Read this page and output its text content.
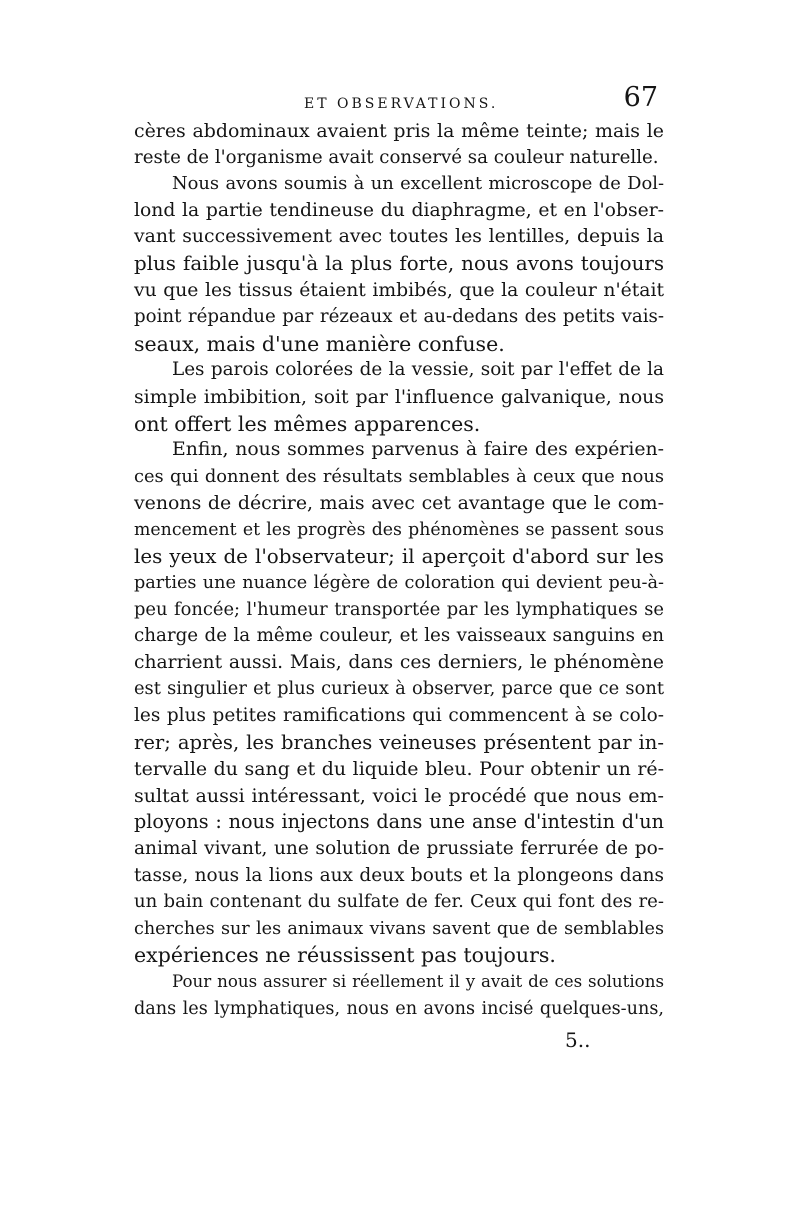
ET OBSERVATIONS.	67
cères abdominaux avaient pris la même teinte; mais le
reste de l'organisme avait conservé sa couleur naturelle.
Nous avons soumis à un excellent microscope de Dol-
lond la partie tendineuse du diaphragme, et en l'obser-
vant successivement avec toutes les lentilles, depuis la
plus faible jusqu'à la plus forte, nous avons toujours
vu que les tissus étaient imbibés, que la couleur n'était
point répandue par rézeaux et au-dedans des petits vais-
seaux, mais d'une manière confuse.
Les parois colorées de la vessie, soit par l'effet de la
simple imbibition, soit par l'influence galvanique, nous
ont offert les mêmes apparences.
Enfin, nous sommes parvenus à faire des expérien-
ces qui donnent des résultats semblables à ceux que nous
venons de décrire, mais avec cet avantage que le com-
mencement et les progrès des phénomènes se passent sous
les yeux de l'observateur; il aperçoit d'abord sur les
parties une nuance légère de coloration qui devient peu-à-
peu foncée; l'humeur transportée par les lymphatiques se
charge de la même couleur, et les vaisseaux sanguins en
charrient aussi. Mais, dans ces derniers, le phénomène
est singulier et plus curieux à observer, parce que ce sont
les plus petites ramifications qui commencent à se colo-
rer; après, les branches veineuses présentent par in-
tervalle du sang et du liquide bleu. Pour obtenir un ré-
sultat aussi intéressant, voici le procédé que nous em-
ployons : nous injectons dans une anse d'intestin d'un
animal vivant, une solution de prussiate ferrurée de po-
tasse, nous la lions aux deux bouts et la plongeons dans
un bain contenant du sulfate de fer. Ceux qui font des re-
cherches sur les animaux vivans savent que de semblables
expériences ne réussissent pas toujours.
Pour nous assurer si réellement il y avait de ces solutions
dans les lymphatiques, nous en avons incisé quelques-uns,
5..
